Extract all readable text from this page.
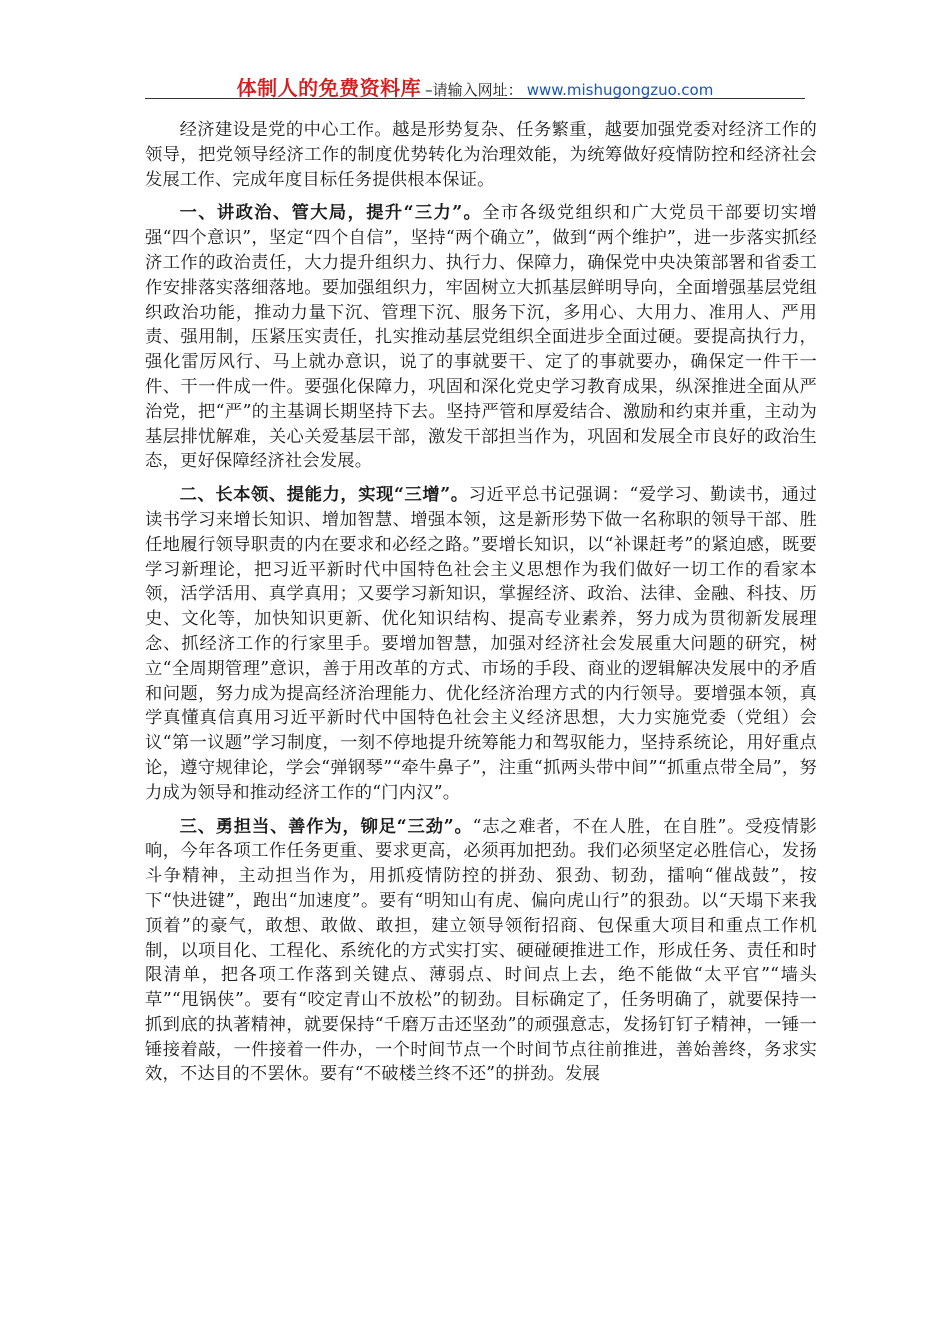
体制人的免费资料库 –请输入网址： www.mishugongzuo.com

经济建设是党的中心工作。越是形势复杂、任务繁重，越要加强党委对经济工作的领导，把党领导经济工作的制度优势转化为治理效能，为统筹做好疫情防控和经济社会发展工作、完成年度目标任务提供根本保证。

一、讲政治、管大局，提升“三力”。全市各级党组织和广大党员干部要切实增强“四个意识”，坚定“四个自信”，坚持“两个确立”，做到“两个维护”，进一步落实抓经济工作的政治责任，大力提升组织力、执行力、保障力，确保党中央决策部署和省委工作安排落实落细落地。要加强组织力，牢固树立大抓基层鲜明导向，全面增强基层党组织政治功能，推动力量下沉、管理下沉、服务下沉，多用心、大用力、准用人、严用责、强用制，压紧压实责任，扎实推动基层党组织全面进步全面过硬。要提高执行力，强化雷厉风行、马上就办意识，说了的事就要干、定了的事就要办，确保定一件干一件、干一件成一件。要强化保障力，巩固和深化党史学习教育成果，纵深推进全面从严治党，把“严”的主基调长期坚持下去。坚持严管和厚爱结合、激励和约束并重，主动为基层排忧解难，关心关爱基层干部，激发干部担当作为，巩固和发展全市良好的政治生态，更好保障经济社会发展。

二、长本领、提能力，实现“三增”。习近平总书记强调：“爱学习、勤读书，通过读书学习来增长知识、增加智慧、增强本领，这是新形势下做一名称职的领导干部、胜任地履行领导职责的内在要求和必经之路。”要增长知识，以“补课赶考”的紧迫感，既要学习新理论，把习近平新时代中国特色社会主义思想作为我们做好一切工作的看家本领，活学活用、真学真用；又要学习新知识，掌握经济、政治、法律、金融、科技、历史、文化等，加快知识更新、优化知识结构、提高专业素养，努力成为贯彻新发展理念、抓经济工作的行家里手。要增加智慧，加强对经济社会发展重大问题的研究，树立“全周期管理”意识，善于用改革的方式、市场的手段、商业的逻辑解决发展中的矛盾和问题，努力成为提高经济治理能力、优化经济治理方式的内行领导。要增强本领，真学真懂真信真用习近平新时代中国特色社会主义经济思想，大力实施党委（党组）会议“第一议题”学习制度，一刻不停地提升统筹能力和驾驭能力，坚持系统论，用好重点论，遵守规律论，学会“弹钢琴”“牵牛鼻子”，注重“抓两头带中间”“抓重点带全局”，努力成为领导和推动经济工作的“门内汉”。

三、勇担当、善作为，铆足“三劲”。“志之难者，不在人胜，在自胜”。受疫情影响，今年各项工作任务更重、要求更高，必须再加把劲。我们必须坚定必胜信心，发扬斗争精神，主动担当作为，用抓疫情防控的拼劲、狠劲、韧劲，擂响“催战鼓”，按下“快进键”，跑出“加速度”。要有“明知山有虎、偏向虎山行”的狠劲。以“天塌下来我顶着”的豪气，敢想、敢做、敢担，建立领导领衔招商、包保重大项目和重点工作机制，以项目化、工程化、系统化的方式实打实、硬碰硬推进工作，形成任务、责任和时限清单，把各项工作落到关键点、薄弱点、时间点上去，绝不能做“太平官”“墙头草”“甩锅侠”。要有“咬定青山不放松”的韧劲。目标确定了，任务明确了，就要保持一抓到底的执著精神，就要保持“千磨万击还坚劲”的顽强意志，发扬钉钉子精神，一锤一锤接着敲，一件接着一件办，一个时间节点一个时间节点往前推进，善始善终，务求实效，不达目的不罢休。要有“不破楼兰终不还”的拼劲。发展
